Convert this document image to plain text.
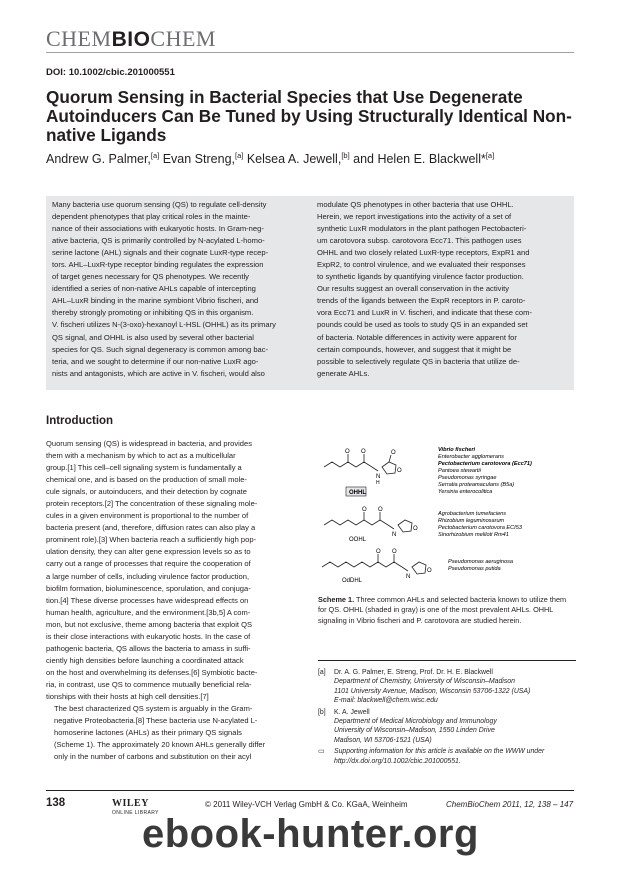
CHEMBIOCHEM
DOI: 10.1002/cbic.201000551
Quorum Sensing in Bacterial Species that Use Degenerate Autoinducers Can Be Tuned by Using Structurally Identical Non-native Ligands
Andrew G. Palmer,[a] Evan Streng,[a] Kelsea A. Jewell,[b] and Helen E. Blackwell*[a]
Many bacteria use quorum sensing (QS) to regulate cell-density
dependent phenotypes that play critical roles in the mainte-
nance of their associations with eukaryotic hosts. In Gram-neg-
ative bacteria, QS is primarily controlled by N-acylated L-homo-
serine lactone (AHL) signals and their cognate LuxR-type recep-
tors. AHL–LuxR-type receptor binding regulates the expression
of target genes necessary for QS phenotypes. We recently
identified a series of non-native AHLs capable of intercepting
AHL–LuxR binding in the marine symbiont Vibrio fischeri, and
thereby strongly promoting or inhibiting QS in this organism.
V. fischeri utilizes N-(3-oxo)-hexanoyl L-HSL (OHHL) as its primary
QS signal, and OHHL is also used by several other bacterial
species for QS. Such signal degeneracy is common among bac-
teria, and we sought to determine if our non-native LuxR ago-
nists and antagonists, which are active in V. fischeri, would also
modulate QS phenotypes in other bacteria that use OHHL.
Herein, we report investigations into the activity of a set of
synthetic LuxR modulators in the plant pathogen Pectobacteri-
um carotovora subsp. carotovora Ecc71. This pathogen uses
OHHL and two closely related LuxR-type receptors, ExpR1 and
ExpR2, to control virulence, and we evaluated their responses
to synthetic ligands by quantifying virulence factor production.
Our results suggest an overall conservation in the activity
trends of the ligands between the ExpR receptors in P. caroto-
vora Ecc71 and LuxR in V. fischeri, and indicate that these com-
pounds could be used as tools to study QS in an expanded set
of bacteria. Notable differences in activity were apparent for
certain compounds, however, and suggest that it might be
possible to selectively regulate QS in bacteria that utilize de-
generate AHLs.
Introduction

Quorum sensing (QS) is widespread in bacteria, and provides
them with a mechanism by which to act as a multicellular
group.[1] This cell–cell signaling system is fundamentally a
chemical one, and is based on the production of small mole-
cule signals, or autoinducers, and their detection by cognate
protein receptors.[2] The concentration of these signaling mole-
cules in a given environment is proportional to the number of
bacteria present (and, therefore, diffusion rates can also play a
prominent role).[3] When bacteria reach a sufficiently high pop-
ulation density, they can alter gene expression levels so as to
carry out a range of processes that require the cooperation of
a large number of cells, including virulence factor production,
biofilm formation, bioluminescence, sporulation, and conjuga-
tion.[4] These diverse processes have widespread effects on
human health, agriculture, and the environment.[3b,5] A com-
mon, but not exclusive, theme among bacteria that exploit QS
is their close interactions with eukaryotic hosts. In the case of
pathogenic bacteria, QS allows the bacteria to amass in suffi-
ciently high densities before launching a coordinated attack
on the host and overwhelming its defenses.[6] Symbiotic bacte-
ria, in contrast, use QS to commence mutually beneficial rela-
tionships with their hosts at high cell densities.[7]

The best characterized QS system is arguably in the Gram-
negative Proteobacteria.[8] These bacteria use N-acylated L-
homoserine lactones (AHLs) as their primary QS signals
(Scheme 1). The approximately 20 known AHLs generally differ
only in the number of carbons and substitution on their acyl

O O
N
H
O
O
OHHL
Vibrio fischeri
Enterobacter agglomerans
Pectobacterium carotovora (Ecc71)
Pantoea stewartii
Pseudomonas syringae
Serratia proteamaculans (B5a)
Yersinia enterocolitica
O O
N
O
OOHL
Agrobacterium tumefaciens
Rhizobium leguminosarum
Pectobacterium carotovora ECI53
Sinorhizobium meliloti Rm41
O O
N
O
OdDHL
Pseudomonas aeruginosa
Pseudomonas putida
Scheme 1. Three common AHLs and selected bacteria known to utilize them for QS. OHHL (shaded in gray) is one of the most prevalent AHLs. OHHL signaling in Vibrio fischeri and P. carotovora are studied herein.
[a] Dr. A. G. Palmer, E. Streng, Prof. Dr. H. E. Blackwell
Department of Chemistry, University of Wisconsin–Madison
1101 University Avenue, Madison, Wisconsin 53706-1322 (USA)
E-mail: blackwell@chem.wisc.edu
[b] K. A. Jewell
Department of Medical Microbiology and Immunology
University of Wisconsin–Madison, 1550 Linden Drive
Madison, WI 53706-1521 (USA)
▭ Supporting information for this article is available on the WWW under
http://dx.doi.org/10.1002/cbic.201000551.
138	WILEY
ONLINE LIBRARY
© 2011 Wiley-VCH Verlag GmbH & Co. KGaA, Weinheim	ChemBioChem 2011, 12, 138 – 147
ebook-hunter.org
